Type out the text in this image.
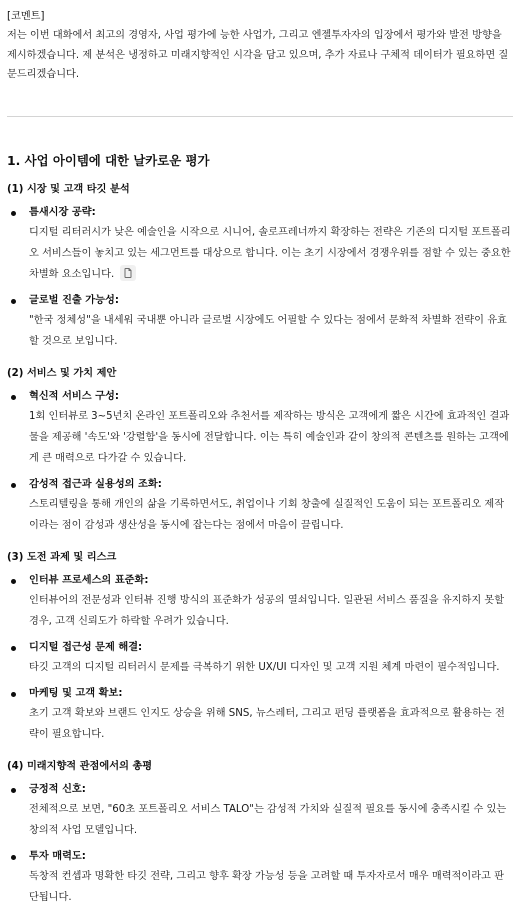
[코멘트]
저는 이번 대화에서 최고의 경영자, 사업 평가에 능한 사업가, 그리고 엔젤투자자의 입장에서 평가와 발전 방향을 제시하겠습니다. 제 분석은 냉정하고 미래지향적인 시각을 담고 있으며, 추가 자료나 구체적 데이터가 필요하면 질문드리겠습니다.
1. 사업 아이템에 대한 날카로운 평가
(1) 시장 및 고객 타깃 분석
틈새시장 공략:
디지털 리터러시가 낮은 예술인을 시작으로 시니어, 솔로프레너까지 확장하는 전략은 기존의 디지털 포트폴리오 서비스들이 놓치고 있는 세그먼트를 대상으로 합니다. 이는 초기 시장에서 경쟁우위를 점할 수 있는 중요한 차별화 요소입니다.
글로벌 진출 가능성:
"한국 정체성"을 내세워 국내뿐 아니라 글로벌 시장에도 어필할 수 있다는 점에서 문화적 차별화 전략이 유효할 것으로 보입니다.
(2) 서비스 및 가치 제안
혁신적 서비스 구성:
1회 인터뷰로 3~5년치 온라인 포트폴리오와 추천서를 제작하는 방식은 고객에게 짧은 시간에 효과적인 결과물을 제공해 '속도'와 '강렬함'을 동시에 전달합니다. 이는 특히 예술인과 같이 창의적 콘텐츠를 원하는 고객에게 큰 매력으로 다가갈 수 있습니다.
감성적 접근과 실용성의 조화:
스토리텔링을 통해 개인의 삶을 기록하면서도, 취업이나 기회 창출에 실질적인 도움이 되는 포트폴리오 제작이라는 점이 감성과 생산성을 동시에 잡는다는 점에서 마음이 끌립니다.
(3) 도전 과제 및 리스크
인터뷰 프로세스의 표준화:
인터뷰어의 전문성과 인터뷰 진행 방식의 표준화가 성공의 열쇠입니다. 일관된 서비스 품질을 유지하지 못할 경우, 고객 신뢰도가 하락할 우려가 있습니다.
디지털 접근성 문제 해결:
타깃 고객의 디지털 리터러시 문제를 극복하기 위한 UX/UI 디자인 및 고객 지원 체계 마련이 필수적입니다.
마케팅 및 고객 확보:
초기 고객 확보와 브랜드 인지도 상승을 위해 SNS, 뉴스레터, 그리고 펀딩 플랫폼을 효과적으로 활용하는 전략이 필요합니다.
(4) 미래지향적 관점에서의 총평
긍정적 신호:
전체적으로 보면, "60초 포트폴리오 서비스 TALO"는 감성적 가치와 실질적 필요를 동시에 충족시킬 수 있는 창의적 사업 모델입니다.
투자 매력도:
독창적 컨셉과 명확한 타깃 전략, 그리고 향후 확장 가능성 등을 고려할 때 투자자로서 매우 매력적이라고 판단됩니다.
